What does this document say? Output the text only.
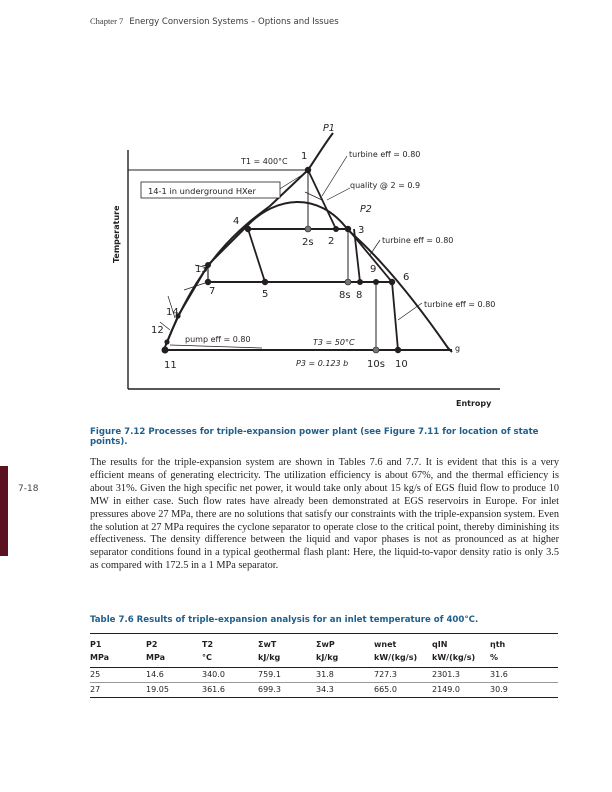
Chapter 7 Energy Conversion Systems – Options and Issues
7-18
Temperature
Entropy
14-1 in underground HXer
P1
P2
T1 = 400°C
turbine eff = 0.80
quality @ 2 = 0.9
turbine eff = 0.80
turbine eff = 0.80
pump eff = 0.80	T3 = 50°C
P3 = 0.123 b
1
2
2s
3
4
5
6
7	8
8s
9
10
10s
11
12
13
14
g
Figure 7.12 Processes for triple-expansion power plant (see Figure 7.11 for location of state points).

The results for the triple-expansion system are shown in Tables 7.6 and 7.7. It is evident that this is a very efficient means of generating electricity. The utilization efficiency is about 67%, and the thermal efficiency is about 31%. Given the high specific net power, it would take only about 15 kg/s of EGS fluid flow to produce 10 MW in either case. Such flow rates have already been demonstrated at EGS reservoirs in Europe. For inlet pressures above 27 MPa, there are no solutions that satisfy our constraints with the triple-expansion system. Even the solution at 27 MPa requires the cyclone separator to operate close to the critical point, thereby diminishing its effectiveness. The density difference between the liquid and vapor phases is not as pronounced as at higher separator conditions found in a typical geothermal flash plant: Here, the liquid-to-vapor density ratio is only 3.5 as compared with 172.5 in a 1 MPa separator.

Table 7.6 Results of triple-expansion analysis for an inlet temperature of 400°C.
P1	P2	T2	ΣwT	ΣwP	wnet	qIN	ηth
MPa	MPa	°C	kJ/kg	kJ/kg	kW/(kg/s)	kW/(kg/s)	%
25	14.6	340.0	759.1	31.8	727.3	2301.3	31.6
27	19.05	361.6	699.3	34.3	665.0	2149.0	30.9
